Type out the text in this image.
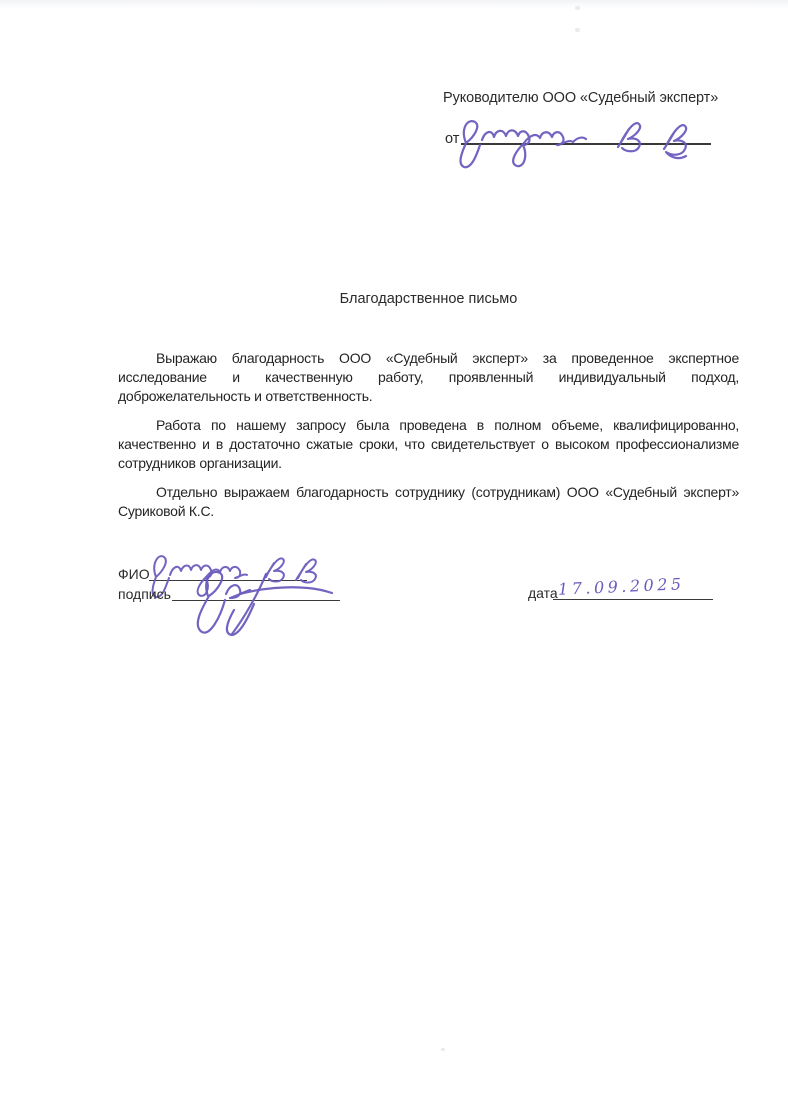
Руководителю ООО «Судебный эксперт»
от
Благодарственное письмо

Выражаю благодарность ООО «Судебный эксперт» за проведенное экспертное исследование и качественную работу, проявленный индивидуальный подход, доброжелательность и ответственность.

Работа по нашему запросу была проведена в полном объеме, квалифицированно, качественно и в достаточно сжатые сроки, что свидетельствует о высоком профессионализме сотрудников организации.

Отдельно выражаем благодарность сотруднику (сотрудникам) ООО «Судебный эксперт» Суриковой К.С.

ФИО
подпись	дата 17.09.2025
